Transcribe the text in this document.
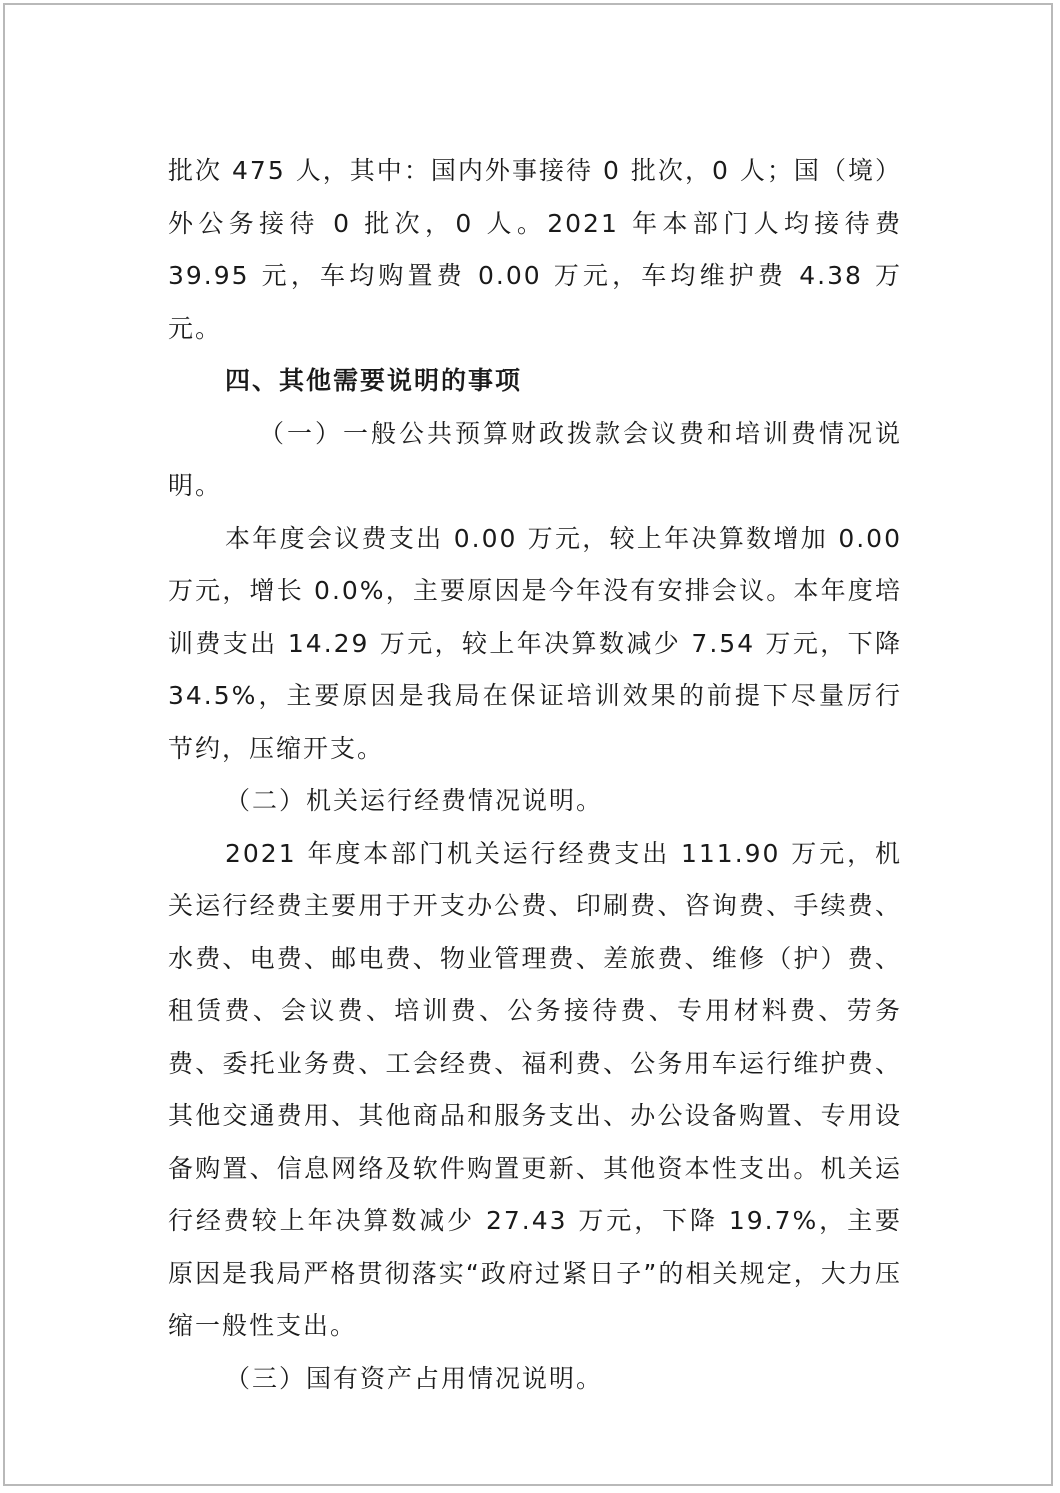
批次 475 人，其中：国内外事接待 0 批次，0 人；国（境）外公务接待 0 批次，0 人。2021 年本部门人均接待费 39.95 元，车均购置费 0.00 万元，车均维护费 4.38 万元。

四、其他需要说明的事项

（一）一般公共预算财政拨款会议费和培训费情况说明。

本年度会议费支出 0.00 万元，较上年决算数增加 0.00 万元，增长 0.0%，主要原因是今年没有安排会议。本年度培训费支出 14.29 万元，较上年决算数减少 7.54 万元，下降 34.5%，主要原因是我局在保证培训效果的前提下尽量厉行节约，压缩开支。

（二）机关运行经费情况说明。

2021 年度本部门机关运行经费支出 111.90 万元，机关运行经费主要用于开支办公费、印刷费、咨询费、手续费、水费、电费、邮电费、物业管理费、差旅费、维修（护）费、租赁费、会议费、培训费、公务接待费、专用材料费、劳务费、委托业务费、工会经费、福利费、公务用车运行维护费、其他交通费用、其他商品和服务支出、办公设备购置、专用设备购置、信息网络及软件购置更新、其他资本性支出。机关运行经费较上年决算数减少 27.43 万元，下降 19.7%，主要原因是我局严格贯彻落实“政府过紧日子”的相关规定，大力压缩一般性支出。

（三）国有资产占用情况说明。
